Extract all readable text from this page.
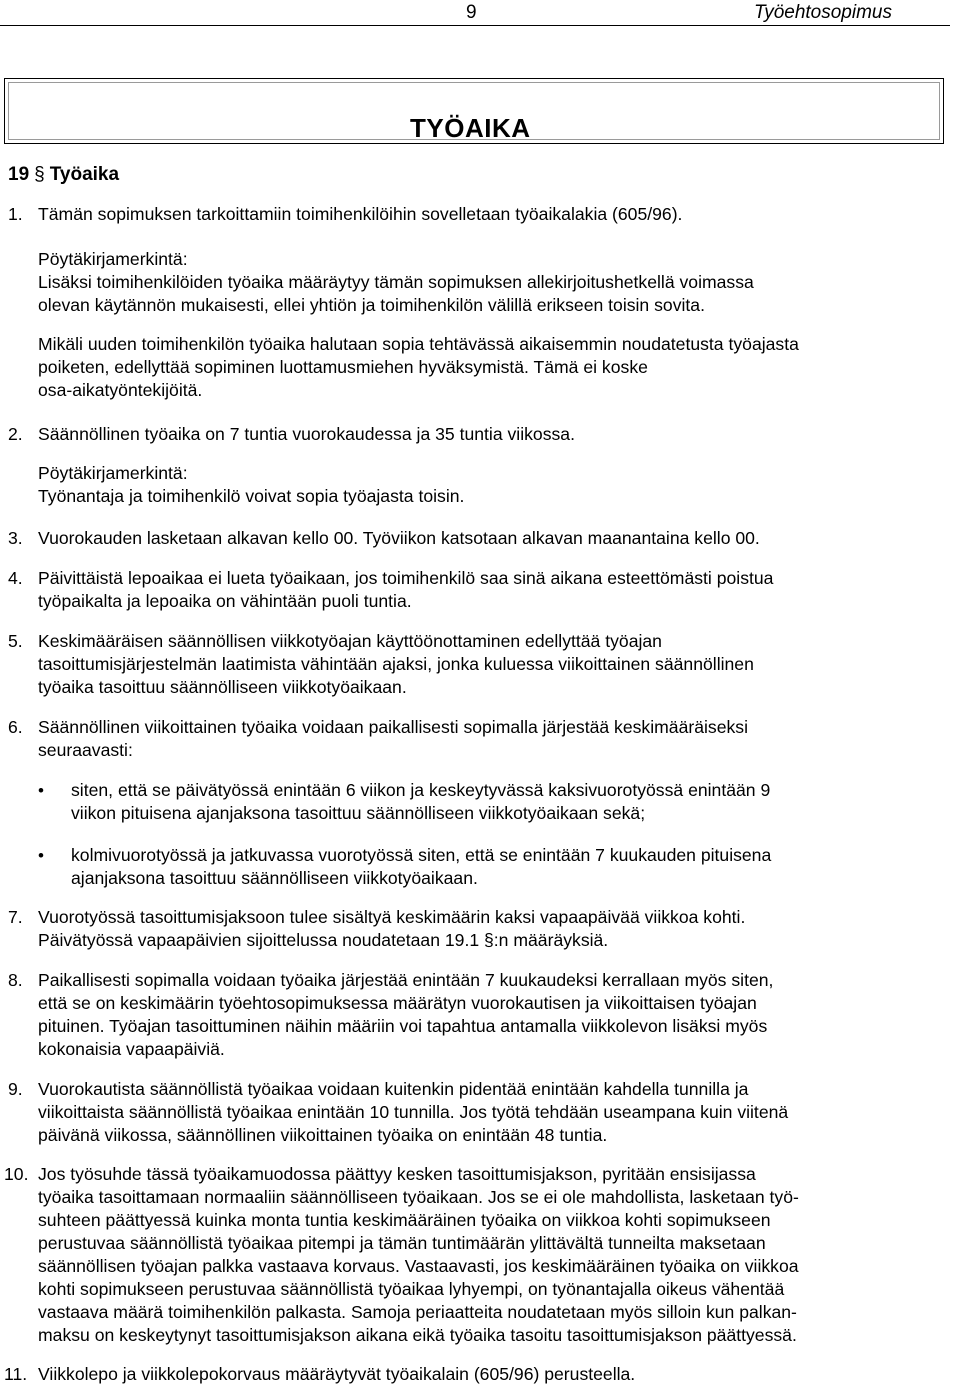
9	Työehtosopimus
TYÖAIKA
19 § Työaika
1. Tämän sopimuksen tarkoittamiin toimihenkilöihin sovelletaan työaikalakia (605/96).
Pöytäkirjamerkintä:
Lisäksi toimihenkilöiden työaika määräytyy tämän sopimuksen allekirjoitushetkellä voimassa
olevan käytännön mukaisesti, ellei yhtiön ja toimihenkilön välillä erikseen toisin sovita.
Mikäli uuden toimihenkilön työaika halutaan sopia tehtävässä aikaisemmin noudatetusta työajasta
poiketen, edellyttää sopiminen luottamusmiehen hyväksymistä. Tämä ei koske
osa-aikatyöntekijöitä.
2. Säännöllinen työaika on 7 tuntia vuorokaudessa ja 35 tuntia viikossa.
Pöytäkirjamerkintä:
Työnantaja ja toimihenkilö voivat sopia työajasta toisin.
3. Vuorokauden lasketaan alkavan kello 00. Työviikon katsotaan alkavan maanantaina kello 00.
4. Päivittäistä lepoaikaa ei lueta työaikaan, jos toimihenkilö saa sinä aikana esteettömästi poistua
työpaikalta ja lepoaika on vähintään puoli tuntia.
5. Keskimääräisen säännöllisen viikkotyöajan käyttöönottaminen edellyttää työajan
tasoittumisjärjestelmän laatimista vähintään ajaksi, jonka kuluessa viikoittainen säännöllinen
työaika tasoittuu säännölliseen viikkotyöaikaan.
6. Säännöllinen viikoittainen työaika voidaan paikallisesti sopimalla järjestää keskimääräiseksi
seuraavasti:
• siten, että se päivätyössä enintään 6 viikon ja keskeytyvässä kaksivuorotyössä enintään 9
viikon pituisena ajanjaksona tasoittuu säännölliseen viikkotyöaikaan sekä;
• kolmivuorotyössä ja jatkuvassa vuorotyössä siten, että se enintään 7 kuukauden pituisena
ajanjaksona tasoittuu säännölliseen viikkotyöaikaan.
7. Vuorotyössä tasoittumisjaksoon tulee sisältyä keskimäärin kaksi vapaapäivää viikkoa kohti.
Päivätyössä vapaapäivien sijoittelussa noudatetaan 19.1 §:n määräyksiä.
8. Paikallisesti sopimalla voidaan työaika järjestää enintään 7 kuukaudeksi kerrallaan myös siten,
että se on keskimäärin työehtosopimuksessa määrätyn vuorokautisen ja viikoittaisen työajan
pituinen. Työajan tasoittuminen näihin määriin voi tapahtua antamalla viikkolevon lisäksi myös
kokonaisia vapaapäiviä.
9. Vuorokautista säännöllistä työaikaa voidaan kuitenkin pidentää enintään kahdella tunnilla ja
viikoittaista säännöllistä työaikaa enintään 10 tunnilla. Jos työtä tehdään useampana kuin viitenä
päivänä viikossa, säännöllinen viikoittainen työaika on enintään 48 tuntia.
10. Jos työsuhde tässä työaikamuodossa päättyy kesken tasoittumisjakson, pyritään ensisijassa
työaika tasoittamaan normaaliin säännölliseen työaikaan. Jos se ei ole mahdollista, lasketaan työ-
suhteen päättyessä kuinka monta tuntia keskimääräinen työaika on viikkoa kohti sopimukseen
perustuvaa säännöllistä työaikaa pitempi ja tämän tuntimäärän ylittävältä tunneilta maksetaan
säännöllisen työajan palkka vastaava korvaus. Vastaavasti, jos keskimääräinen työaika on viikkoa
kohti sopimukseen perustuvaa säännöllistä työaikaa lyhyempi, on työnantajalla oikeus vähentää
vastaava määrä toimihenkilön palkasta. Samoja periaatteita noudatetaan myös silloin kun palkan-
maksu on keskeytynyt tasoittumisjakson aikana eikä työaika tasoitu tasoittumisjakson päättyessä.
11. Viikkolepo ja viikkolepokorvaus määräytyvät työaikalain (605/96) perusteella.
